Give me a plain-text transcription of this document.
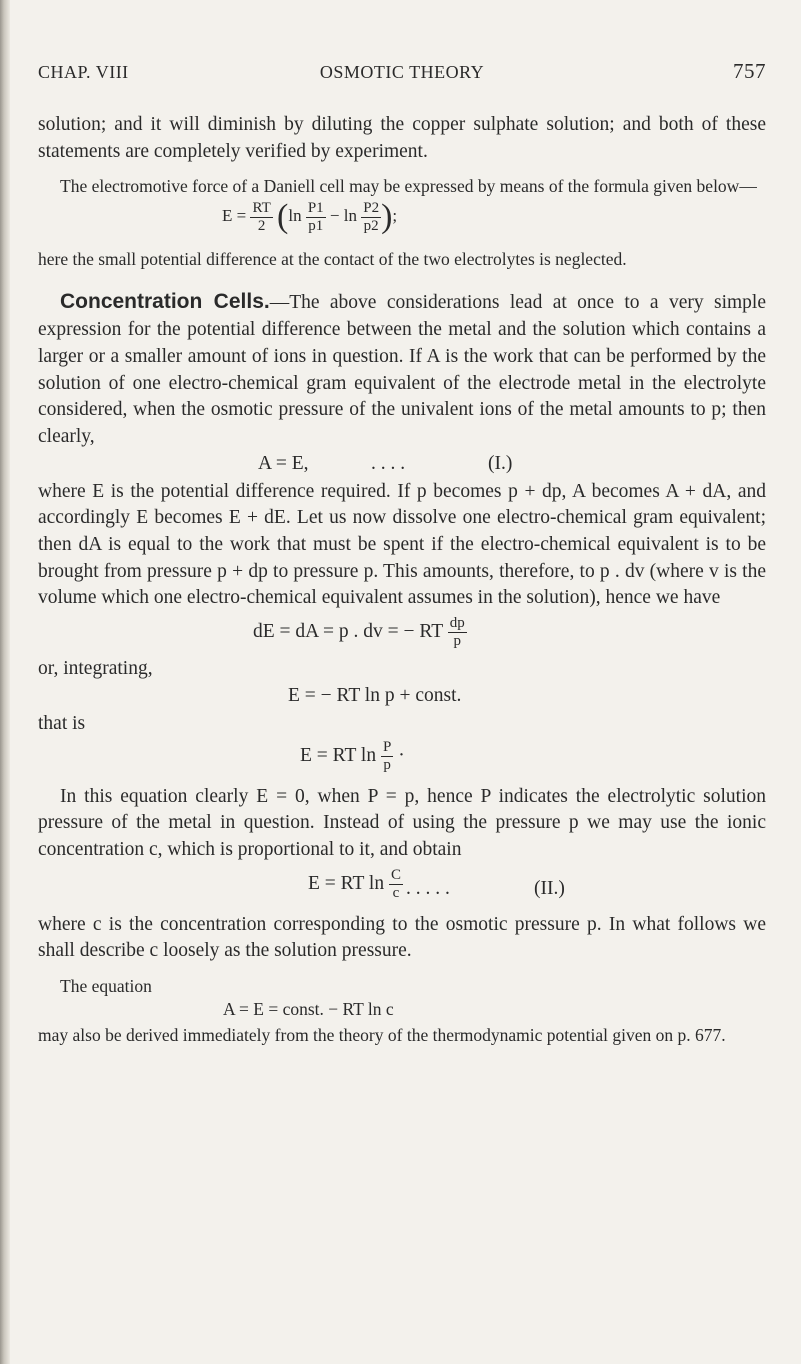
CHAP. VIII	OSMOTIC THEORY	757

solution; and it will diminish by diluting the copper sulphate solution; and both of these statements are completely verified by experiment.

The electromotive force of a Daniell cell may be expressed by means of the formula given below—

$E = \frac{RT}{2} (\ln \frac{P1}{p1} - \ln \frac{P2}{p2}$ );

here the small potential difference at the contact of the two electrolytes is neglected.

Concentration Cells.—The above considerations lead at once to a very simple expression for the potential difference between the metal and the solution which contains a larger or a smaller amount of ions in question. If A is the work that can be performed by the solution of one electro-chemical gram equivalent of the electrode metal in the electrolyte considered, when the osmotic pressure of the univalent ions of the metal amounts to p; then clearly,

A = E,	. . . .	(I.)

where E is the potential difference required. If p becomes p + dp, A becomes A + dA, and accordingly E becomes E + dE. Let us now dissolve one electro-chemical gram equivalent; then dA is equal to the work that must be spent if the electro-chemical equivalent is to be brought from pressure p + dp to pressure p. This amounts, therefore, to p . dv (where v is the volume which one electro-chemical equivalent assumes in the solution), hence we have

dE = dA = p . dv = − RT $\frac{dp}{p}$

or, integrating,

E = − RT ln p + const.

that is

E = RT $\ln \frac{P}{p}$ ·

In this equation clearly E = 0, when P = p, hence P indicates the electrolytic solution pressure of the metal in question. Instead of using the pressure p we may use the ionic concentration c, which is proportional to it, and obtain

E = RT $\ln \frac{C}{c}$ . . . . .	(II.)

where c is the concentration corresponding to the osmotic pressure p. In what follows we shall describe c loosely as the solution pressure.

The equation

A = E = const. − RT ln c

may also be derived immediately from the theory of the thermodynamic potential given on p. 677.
